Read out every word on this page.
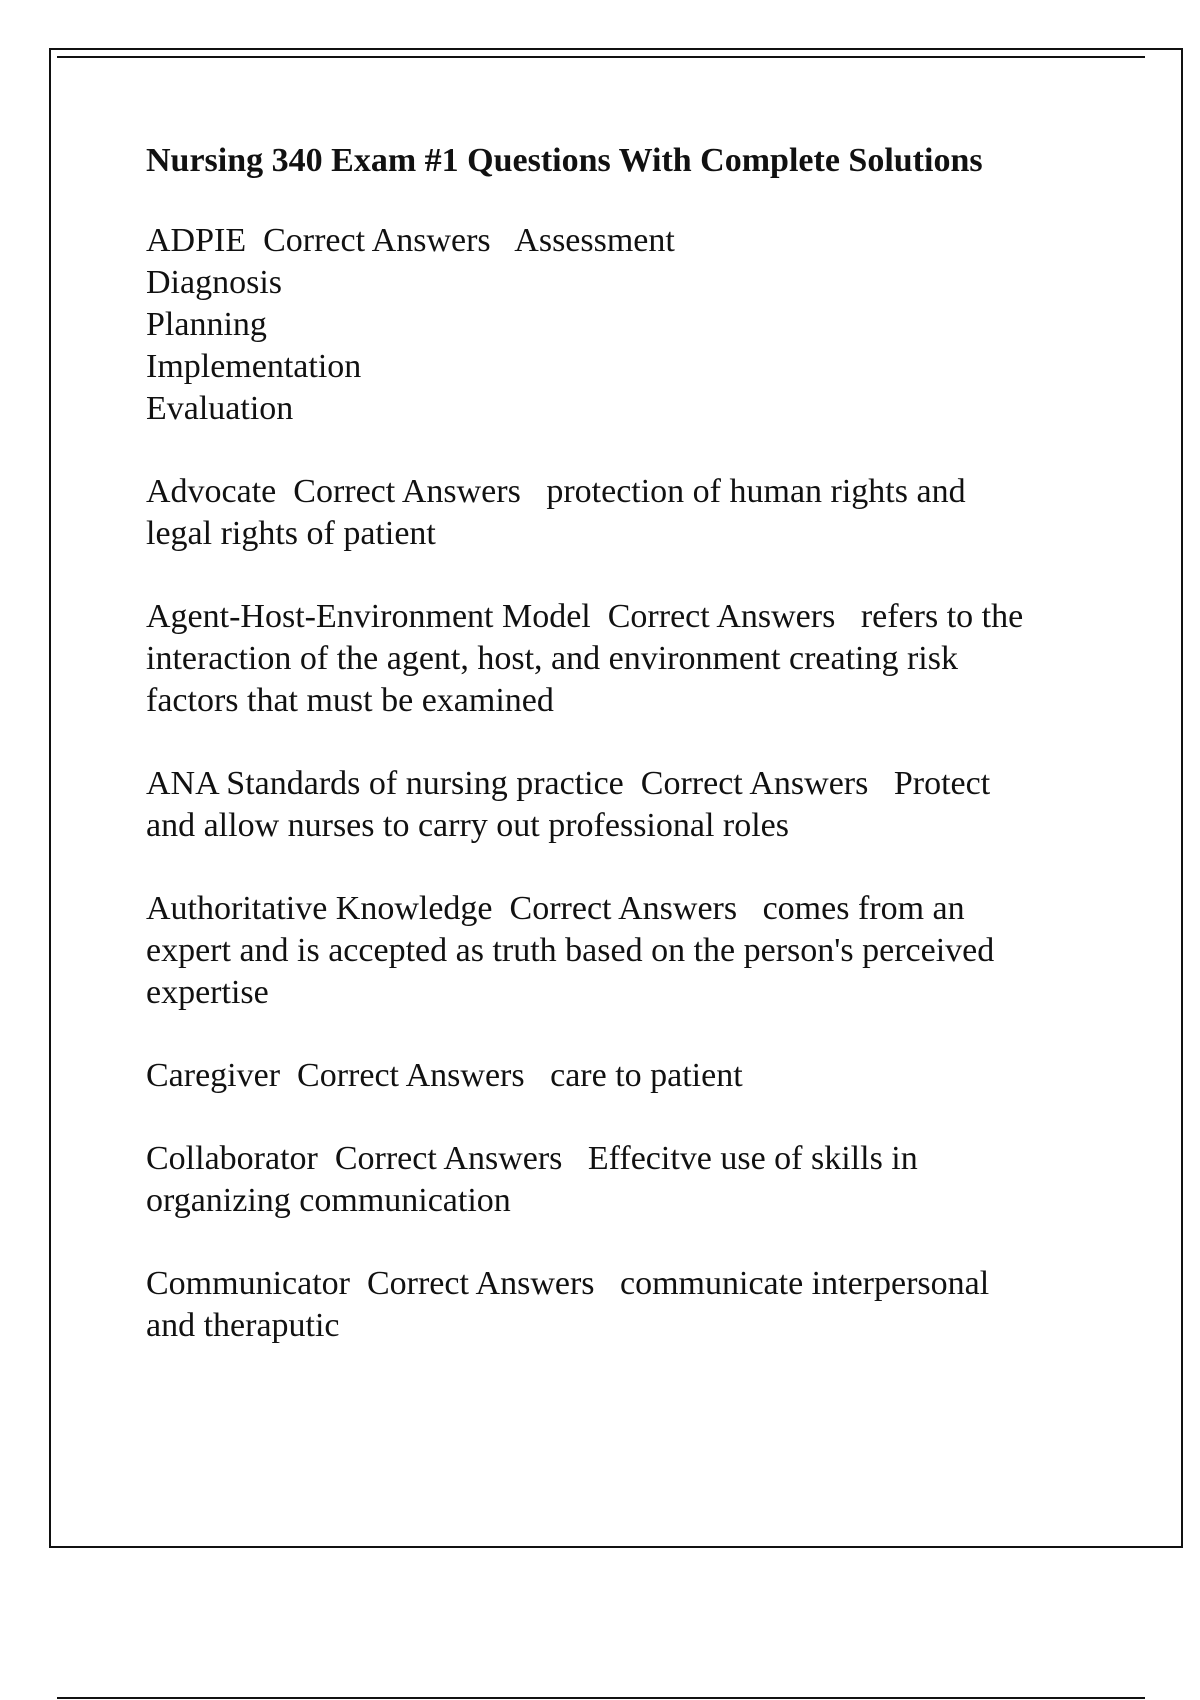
Nursing 340 Exam #1 Questions With Complete Solutions
ADPIE  Correct Answers   Assessment
Diagnosis
Planning
Implementation
Evaluation
Advocate  Correct Answers   protection of human rights and
legal rights of patient
Agent-Host-Environment Model  Correct Answers   refers to the
interaction of the agent, host, and environment creating risk
factors that must be examined
ANA Standards of nursing practice  Correct Answers   Protect
and allow nurses to carry out professional roles
Authoritative Knowledge  Correct Answers   comes from an
expert and is accepted as truth based on the person's perceived
expertise
Caregiver  Correct Answers   care to patient
Collaborator  Correct Answers   Effecitve use of skills in
organizing communication
Communicator  Correct Answers   communicate interpersonal
and theraputic
